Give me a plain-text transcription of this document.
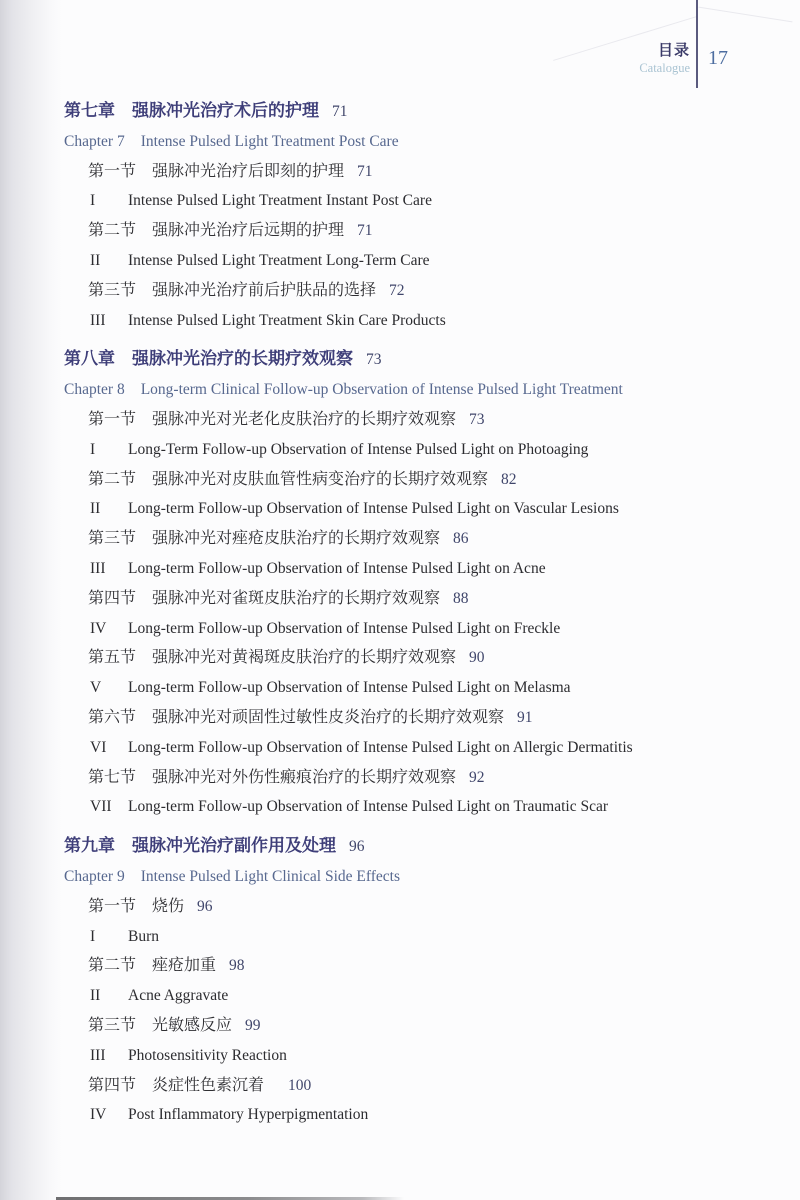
目录
Catalogue 17
第七章 强脉冲光治疗术后的护理 71
Chapter 7 Intense Pulsed Light Treatment Post Care
第一节 强脉冲光治疗后即刻的护理 71
I	Intense Pulsed Light Treatment Instant Post Care
第二节 强脉冲光治疗后远期的护理 71
II	Intense Pulsed Light Treatment Long-Term Care
第三节 强脉冲光治疗前后护肤品的选择 72
III	Intense Pulsed Light Treatment Skin Care Products
第八章 强脉冲光治疗的长期疗效观察 73
Chapter 8 Long-term Clinical Follow-up Observation of Intense Pulsed Light Treatment
第一节 强脉冲光对光老化皮肤治疗的长期疗效观察 73
I	Long-Term Follow-up Observation of Intense Pulsed Light on Photoaging
第二节 强脉冲光对皮肤血管性病变治疗的长期疗效观察 82
II	Long-term Follow-up Observation of Intense Pulsed Light on Vascular Lesions
第三节 强脉冲光对痤疮皮肤治疗的长期疗效观察 86
III	Long-term Follow-up Observation of Intense Pulsed Light on Acne
第四节 强脉冲光对雀斑皮肤治疗的长期疗效观察 88
IV	Long-term Follow-up Observation of Intense Pulsed Light on Freckle
第五节 强脉冲光对黄褐斑皮肤治疗的长期疗效观察 90
V	Long-term Follow-up Observation of Intense Pulsed Light on Melasma
第六节 强脉冲光对顽固性过敏性皮炎治疗的长期疗效观察 91
VI	Long-term Follow-up Observation of Intense Pulsed Light on Allergic Dermatitis
第七节 强脉冲光对外伤性瘢痕治疗的长期疗效观察 92
VII Long-term Follow-up Observation of Intense Pulsed Light on Traumatic Scar
第九章 强脉冲光治疗副作用及处理 96
Chapter 9 Intense Pulsed Light Clinical Side Effects
第一节 烧伤 96
I	Burn
第二节 痤疮加重 98
II	Acne Aggravate
第三节 光敏感反应 99
III	Photosensitivity Reaction
第四节 炎症性色素沉着 100
IV	Post Inflammatory Hyperpigmentation
